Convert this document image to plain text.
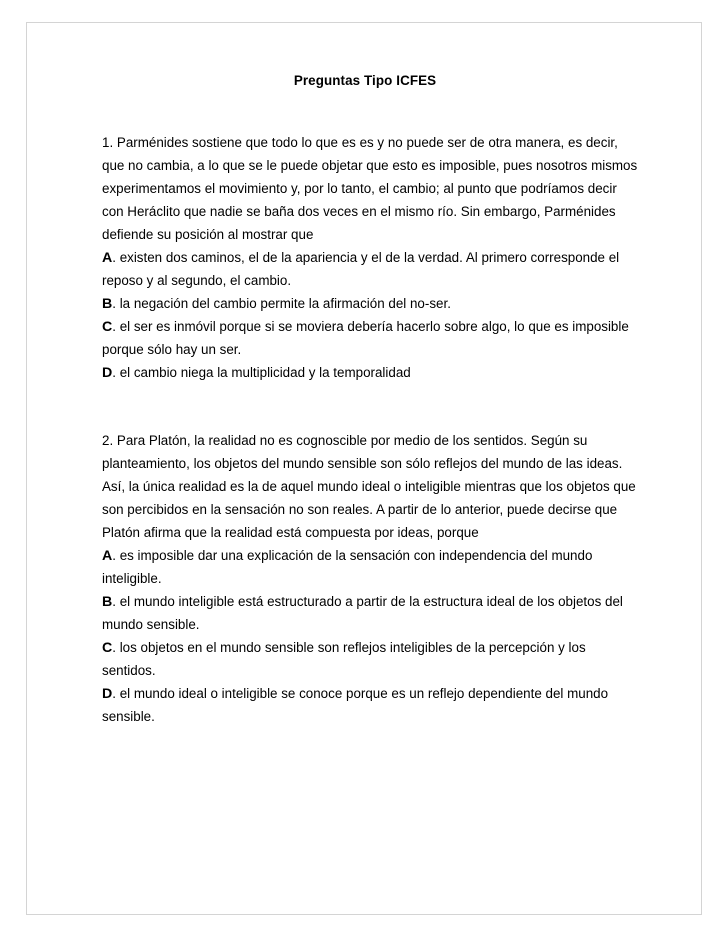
Preguntas Tipo ICFES
1. Parménides sostiene que todo lo que es es y no puede ser de otra manera, es decir,
que no cambia, a lo que se le puede objetar que esto es imposible, pues nosotros mismos
experimentamos el movimiento y, por lo tanto, el cambio; al punto que podríamos decir
con Heráclito que nadie se baña dos veces en el mismo río. Sin embargo, Parménides
defiende su posición al mostrar que
A. existen dos caminos, el de la apariencia y el de la verdad. Al primero corresponde el
reposo y al segundo, el cambio.
B. la negación del cambio permite la afirmación del no-ser.
C. el ser es inmóvil porque si se moviera debería hacerlo sobre algo, lo que es imposible
porque sólo hay un ser.
D. el cambio niega la multiplicidad y la temporalidad
2. Para Platón, la realidad no es cognoscible por medio de los sentidos. Según su
planteamiento, los objetos del mundo sensible son sólo reflejos del mundo de las ideas.
Así, la única realidad es la de aquel mundo ideal o inteligible mientras que los objetos que
son percibidos en la sensación no son reales. A partir de lo anterior, puede decirse que
Platón afirma que la realidad está compuesta por ideas, porque
A. es imposible dar una explicación de la sensación con independencia del mundo
inteligible.
B. el mundo inteligible está estructurado a partir de la estructura ideal de los objetos del
mundo sensible.
C. los objetos en el mundo sensible son reflejos inteligibles de la percepción y los
sentidos.
D. el mundo ideal o inteligible se conoce porque es un reflejo dependiente del mundo
sensible.
